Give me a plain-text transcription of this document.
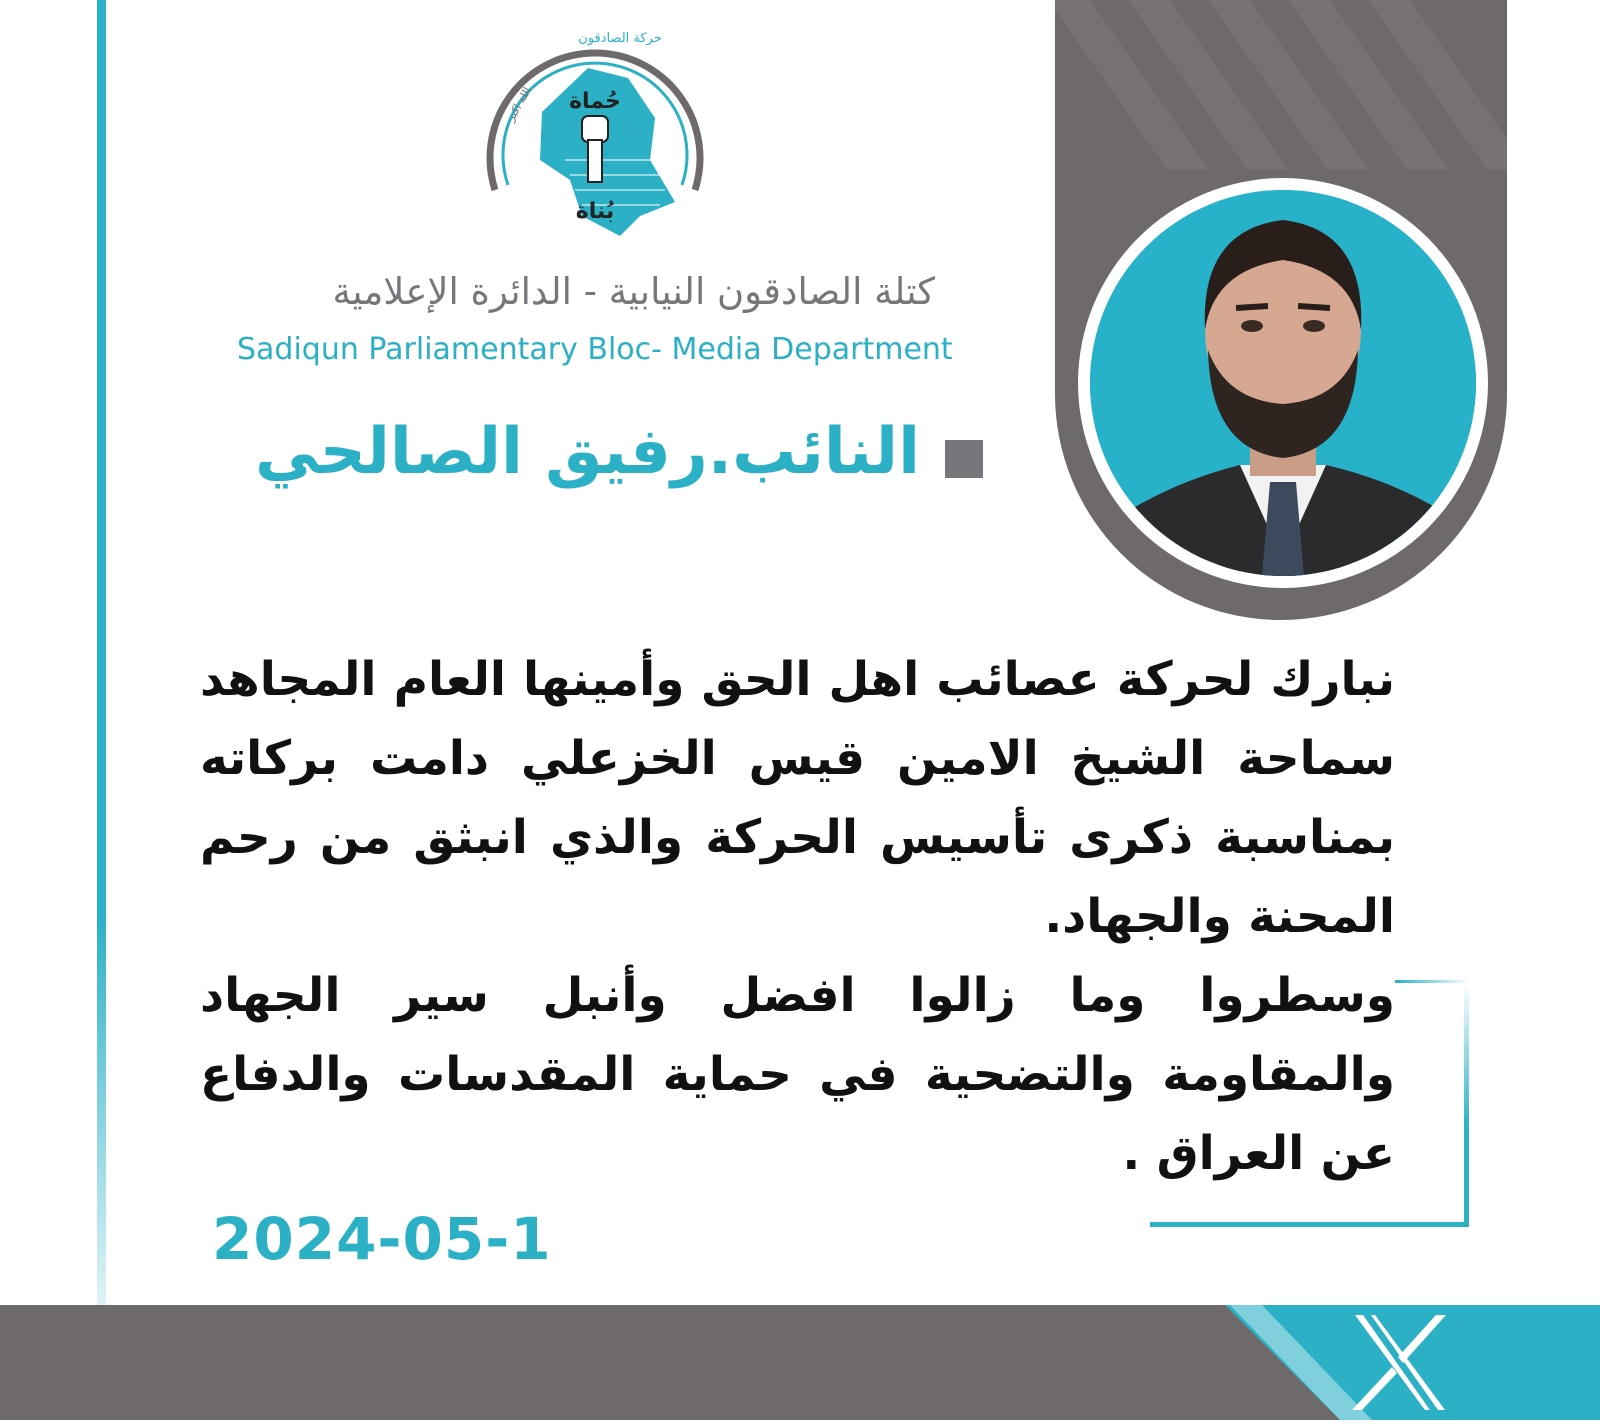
حُماة
بُناة
حركة الصادقون
الله اكبر
كتلة الصادقون النيابية - الدائرة الإعلامية
Sadiqun Parliamentary Bloc- Media Department
النائب.رفيق الصالحي

نبارك لحركة عصائب اهل الحق وأمينها العام المجاهد سماحة الشيخ الامين قيس الخزعلي دامت بركاته بمناسبة ذكرى تأسيس الحركة والذي انبثق من رحم المحنة والجهاد.

وسطروا وما زالوا افضل وأنبل سير الجهاد والمقاومة والتضحية في حماية المقدسات والدفاع عن العراق .

2024-05-1
